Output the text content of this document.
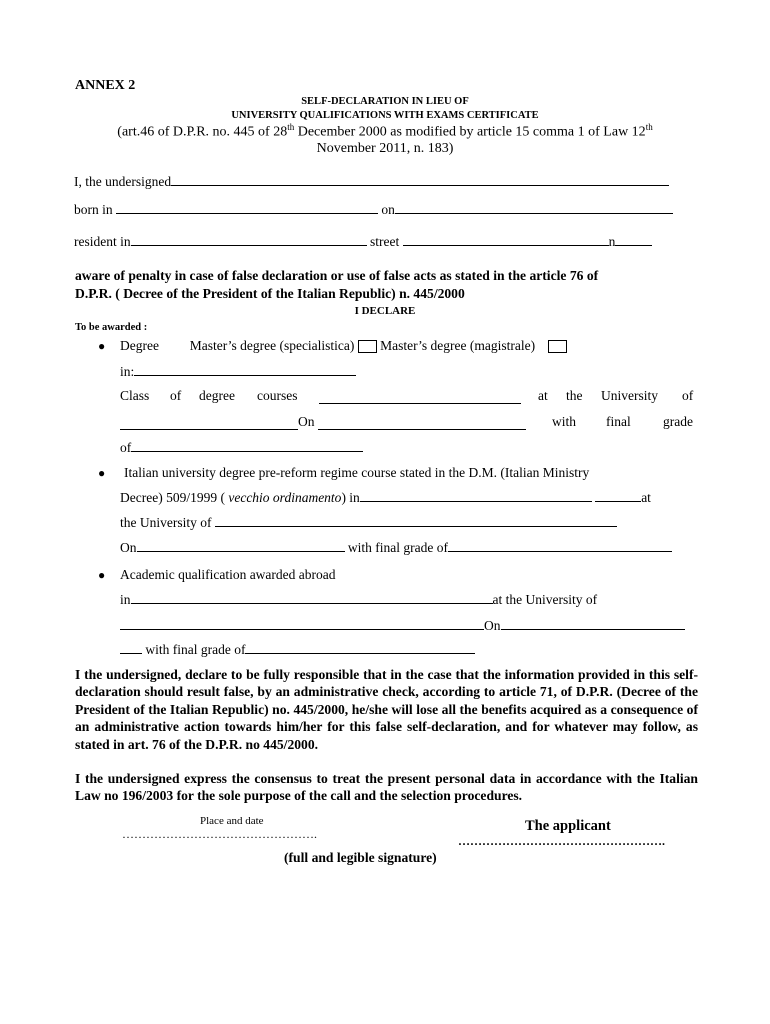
ANNEX 2
SELF-DECLARATION IN LIEU OF
UNIVERSITY QUALIFICATIONS WITH EXAMS CERTIFICATE
(art.46 of D.P.R. no. 445 of 28th December 2000 as modified by article 15 comma 1 of Law 12th
November 2011, n. 183)
I, the undersigned
born in	on
resident in	street	n
aware of penalty in case of false declaration or use of false acts as stated in the article 76 of
D.P.R. ( Decree of the President of the Italian Republic) n. 445/2000
I DECLARE
To be awarded :
● Degree Master’s degree (specialistica) Master’s degree (magistrale)
in:
Class of degree courses	at the University of
On	with final grade
of
● Italian university degree pre-reform regime course stated in the D.M. (Italian Ministry
Decree) 509/1999 ( vecchio ordinamento) in	at
the University of
On	with final grade of
● Academic qualification awarded abroad
in	at the University of
On
with final grade of
I the undersigned, declare to be fully responsible that in the case that the information provided in this self- declaration should result false, by an administrative check, according to article 71, of D.P.R. (Decree of the President of the Italian Republic) no. 445/2000, he/she will lose all the benefits acquired as a consequence of an administrative action towards him/her for this false self-declaration, and for whatever may follow, as stated in art. 76 of the D.P.R. no 445/2000.
I the undersigned express the consensus to treat the present personal data in accordance with the Italian Law no 196/2003 for the sole purpose of the call and the selection procedures.
Place and date
………………………………………….	The applicant
…………………………………………….
(full and legible signature)
